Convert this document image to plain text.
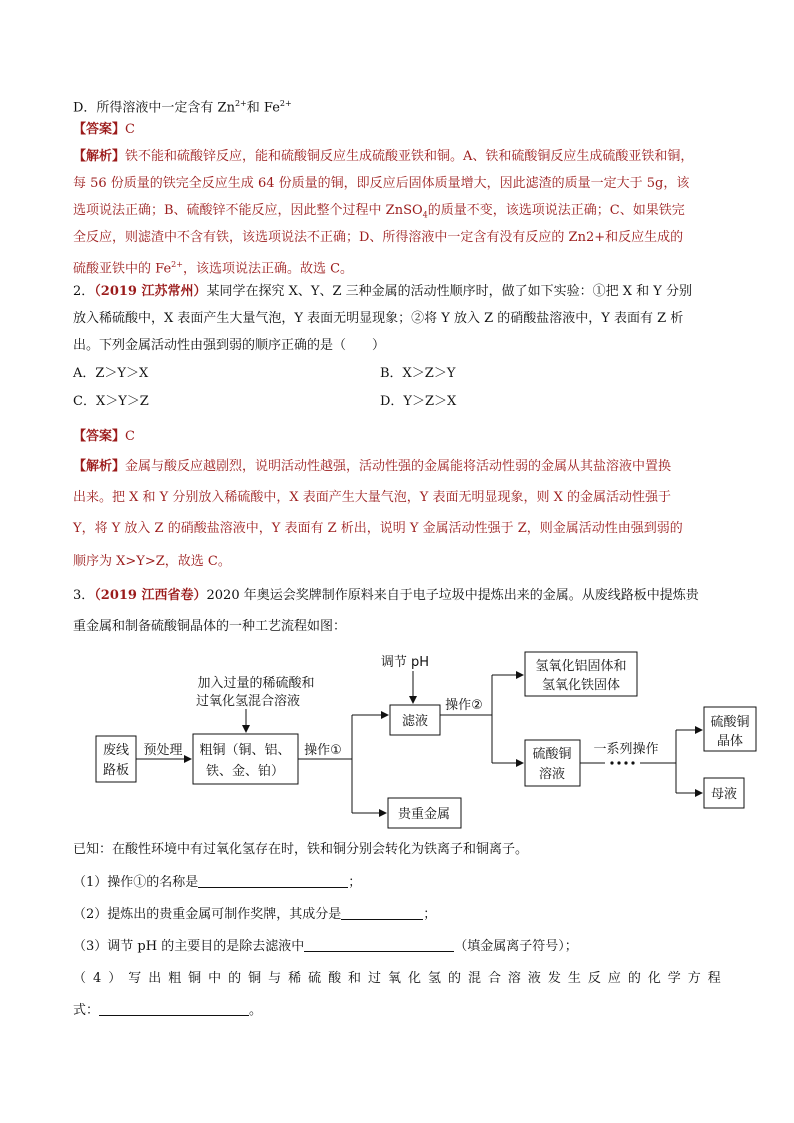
D．所得溶液中一定含有 $Zn^{2+}$和 $Fe^{2+}$
【答案】C
【解析】铁不能和硫酸锌反应，能和硫酸铜反应生成硫酸亚铁和铜。A、铁和硫酸铜反应生成硫酸亚铁和铜，
每 56 份质量的铁完全反应生成 64 份质量的铜，即反应后固体质量增大，因此滤渣的质量一定大于 5g，该
选项说法正确；B、硫酸锌不能反应，因此整个过程中 ZnSO$_4$的质量不变，该选项说法正确；C、如果铁完
全反应，则滤渣中不含有铁，该选项说法不正确；D、所得溶液中一定含有没有反应的 Zn2+和反应生成的
硫酸亚铁中的 $Fe^{2+}$，该选项说法正确。故选 C。
2．（2019 江苏常州）某同学在探究 X、Y、Z 三种金属的活动性顺序时，做了如下实验：①把 X 和 Y 分别
放入稀硫酸中，X 表面产生大量气泡，Y 表面无明显现象；②将 Y 放入 Z 的硝酸盐溶液中，Y 表面有 Z 析
出。下列金属活动性由强到弱的顺序正确的是（　　）
A．Z＞Y＞X	B．X＞Z＞Y
C．X＞Y＞Z	D．Y＞Z＞X
【答案】C
【解析】金属与酸反应越剧烈，说明活动性越强，活动性强的金属能将活动性弱的金属从其盐溶液中置换
出来。把 X 和 Y 分别放入稀硫酸中，X 表面产生大量气泡，Y 表面无明显现象，则 X 的金属活动性强于
Y，将 Y 放入 Z 的硝酸盐溶液中，Y 表面有 Z 析出，说明 Y 金属活动性强于 Z，则金属活动性由强到弱的
顺序为 X>Y>Z，故选 C。
3．（2019 江西省卷）2020 年奥运会奖牌制作原料来自于电子垃圾中提炼出来的金属。从废线路板中提炼贵
重金属和制备硫酸铜晶体的一种工艺流程如图：
废线
路板
预处理 粗铜（铜、铝、
铁、金、铂）
加入过量的稀硫酸和
过氧化氢混合溶液
操作①
滤液
贵重金属
调节 pH
操作②
氢氧化铝固体和
氢氧化铁固体
硫酸铜
溶液
一系列操作
硫酸铜
晶体
母液
已知：在酸性环境中有过氧化氢存在时，铁和铜分别会转化为铁离子和铜离子。
（1）操作①的名称是	；
（2）提炼出的贵重金属可制作奖牌，其成分是	；
（3）调节 pH 的主要目的是除去滤液中	（填金属离子符号）；
（ 4 ） 写 出 粗 铜 中 的 铜 与 稀 硫 酸 和 过 氧 化 氢 的 混 合 溶 液 发 生 反 应 的 化 学 方 程
式：	。
